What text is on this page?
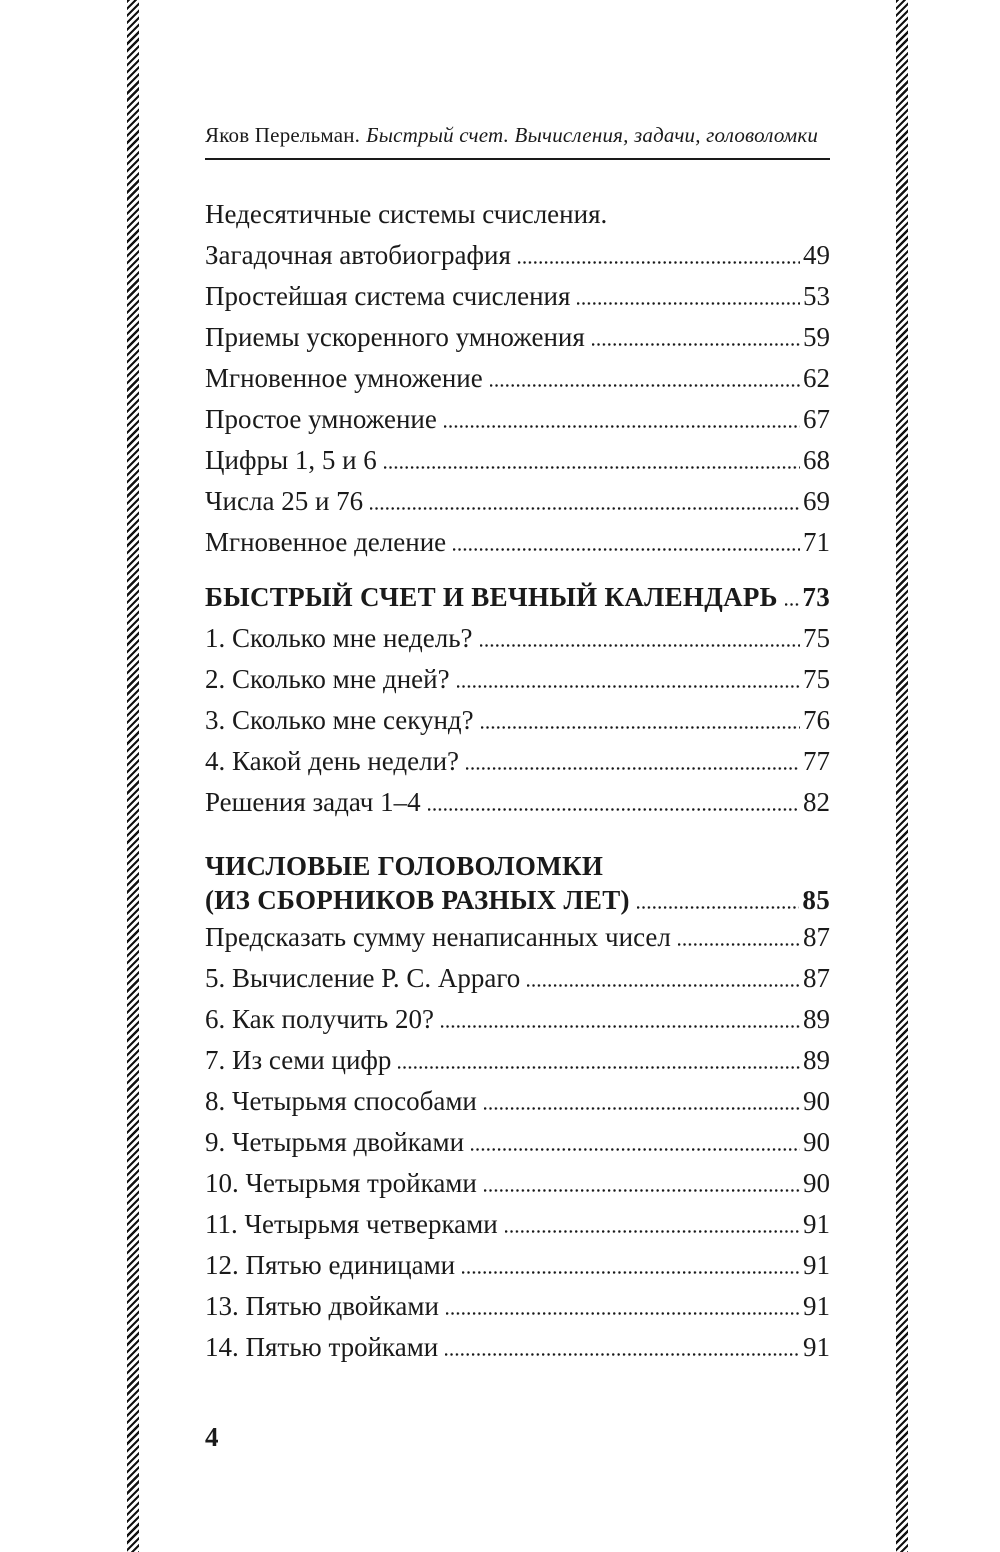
Яков Перельман. Быстрый счет. Вычисления, задачи, головоломки
Недесятичные системы счисления.
Загадочная автобиография	49
Простейшая система счисления	53
Приемы ускоренного умножения	59
Мгновенное умножение	62
Простое умножение	67
Цифры 1, 5 и 6	68
Числа 25 и 76	69
Мгновенное деление	71
БЫСТРЫЙ СЧЕТ И ВЕЧНЫЙ КАЛЕНДАРЬ 73
1. Сколько мне недель?	75
2. Сколько мне дней?	75
3. Сколько мне секунд?	76
4. Какой день недели?	77
Решения задач 1–4	82
ЧИСЛОВЫЕ ГОЛОВОЛОМКИ
(ИЗ СБОРНИКОВ РАЗНЫХ ЛЕТ)	85
Предсказать сумму ненаписанных чисел	87
5. Вычисление Р. С. Арраго	87
6. Как получить 20?	89
7. Из семи цифр	89
8. Четырьмя способами	90
9. Четырьмя двойками	90
10. Четырьмя тройками	90
11. Четырьмя четверками	91
12. Пятью единицами	91
13. Пятью двойками	91
14. Пятью тройками	91
4
